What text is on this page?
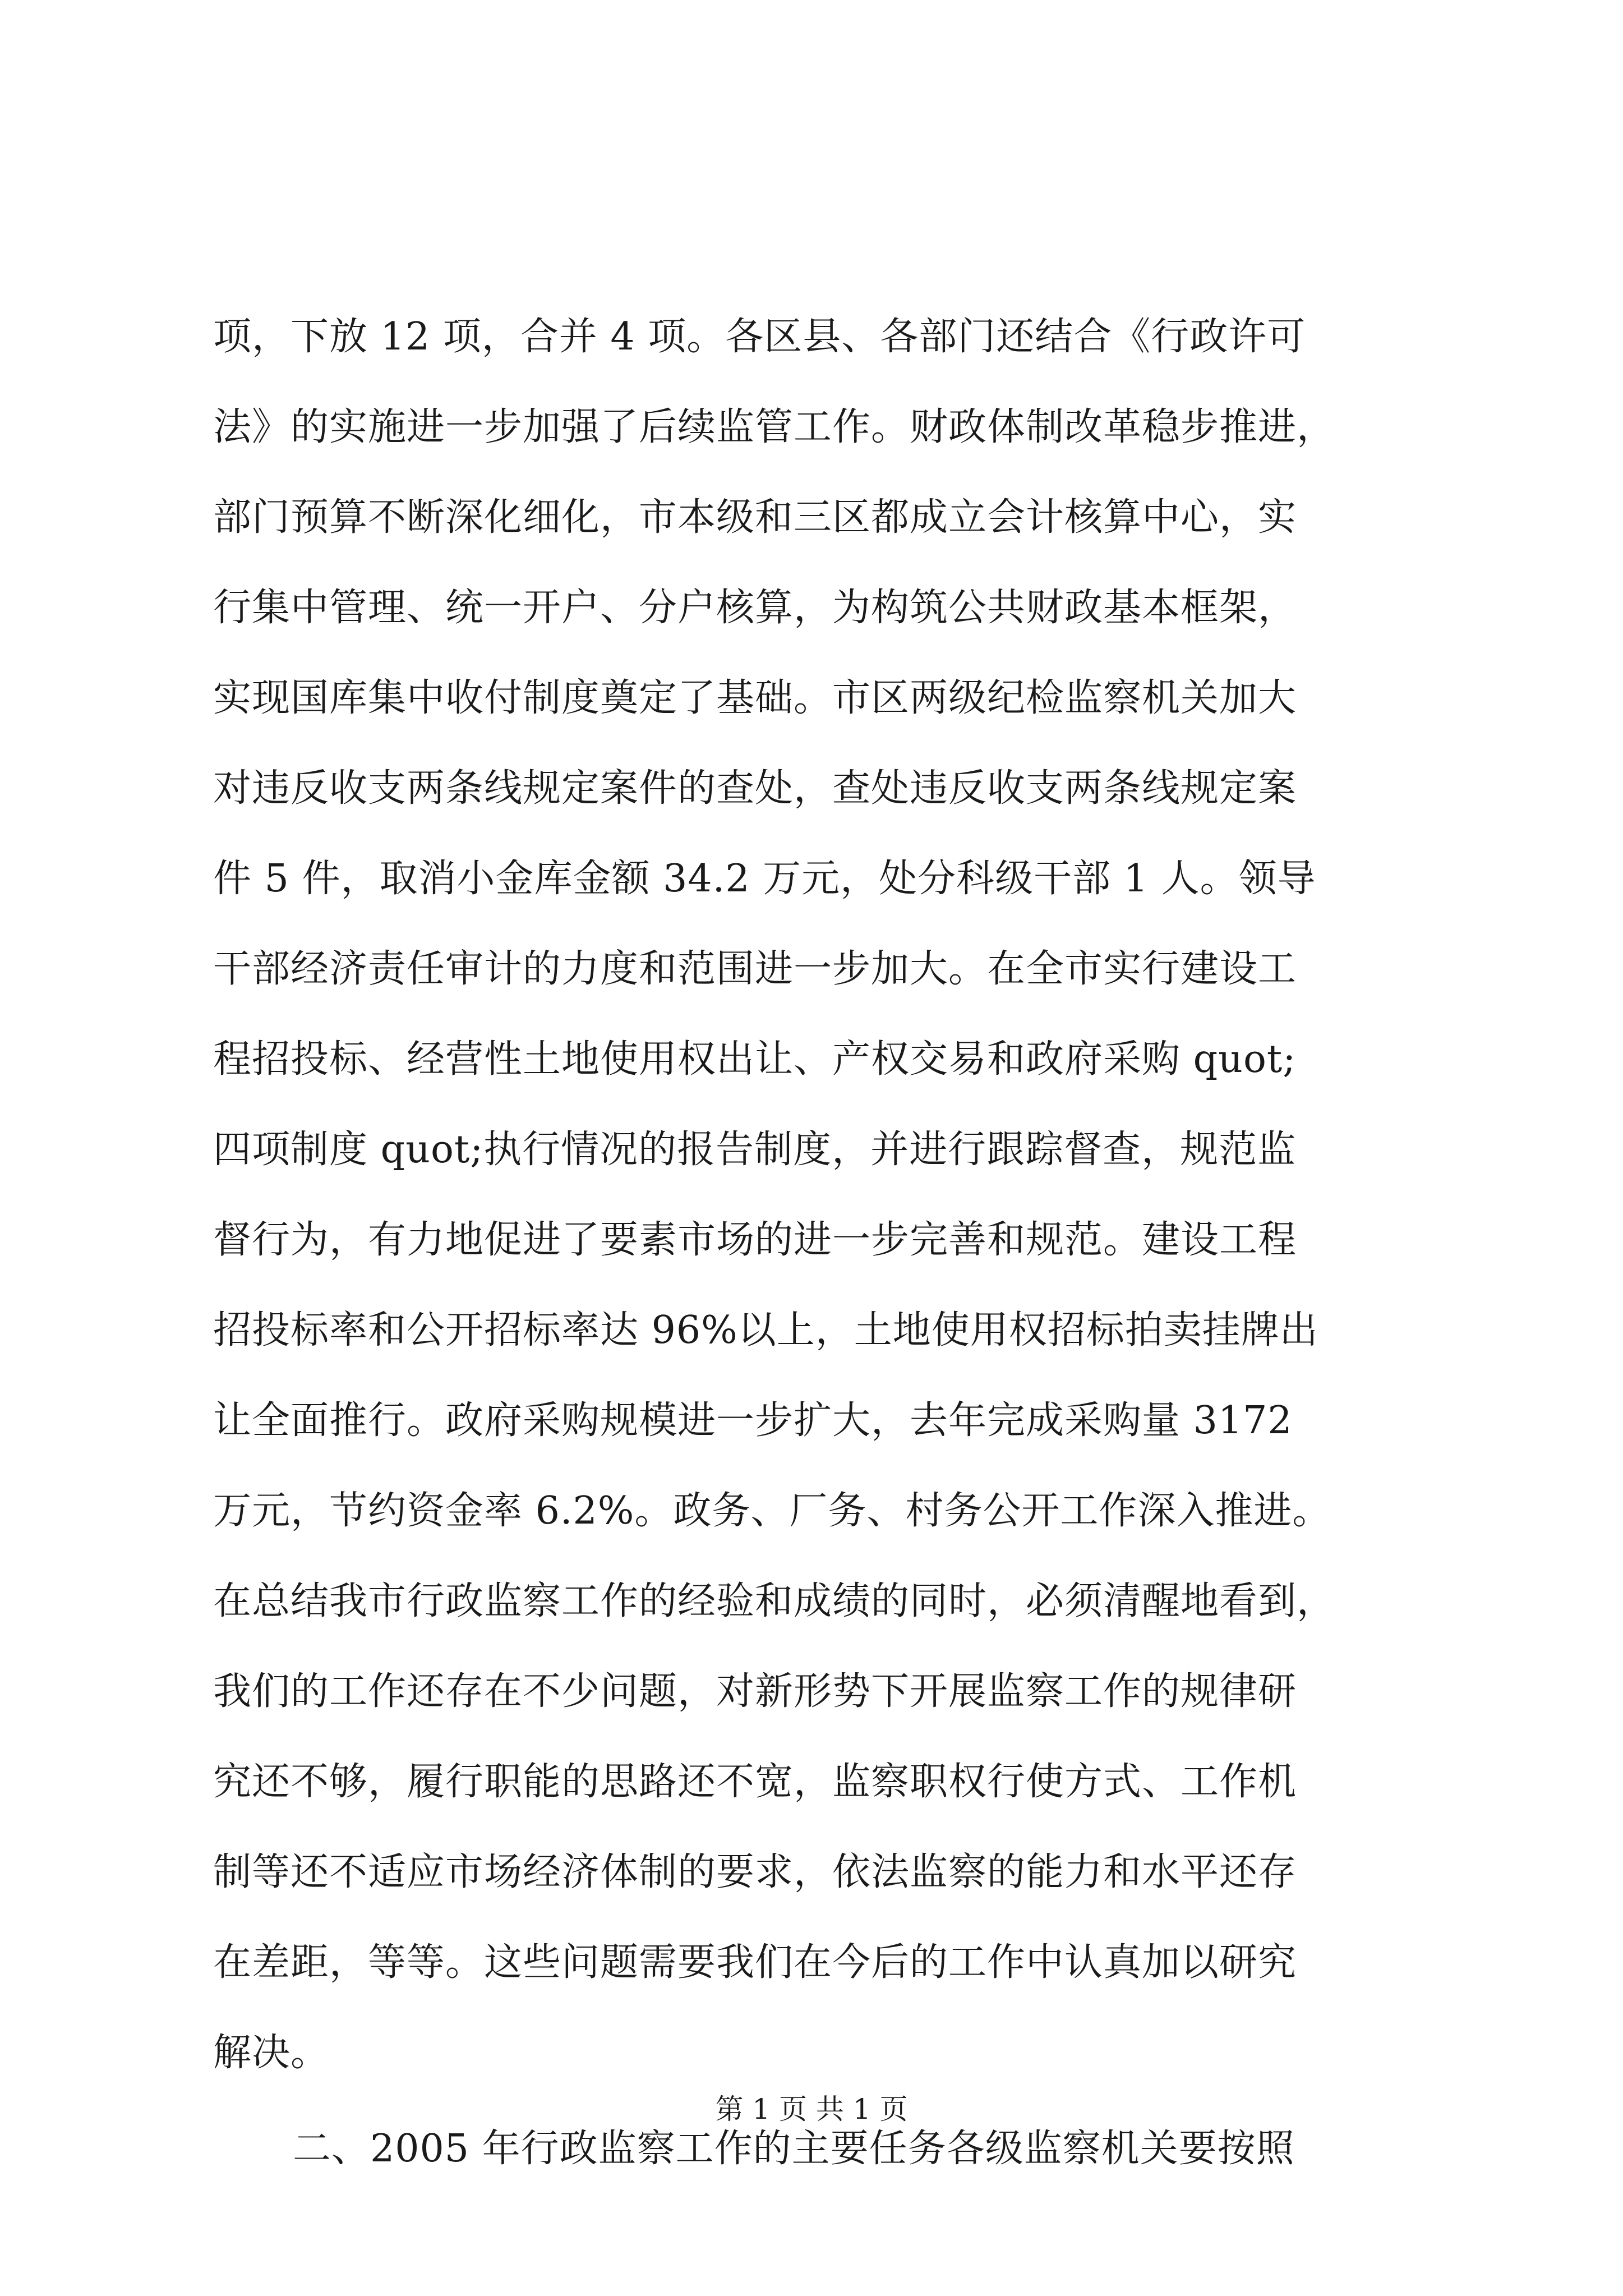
项，下放 12 项，合并 4 项。各区县、各部门还结合《行政许可
法》的实施进一步加强了后续监管工作。财政体制改革稳步推进，
部门预算不断深化细化，市本级和三区都成立会计核算中心，实
行集中管理、统一开户、分户核算，为构筑公共财政基本框架，
实现国库集中收付制度奠定了基础。市区两级纪检监察机关加大
对违反收支两条线规定案件的查处，查处违反收支两条线规定案
件 5 件，取消小金库金额 34.2 万元，处分科级干部 1 人。领导
干部经济责任审计的力度和范围进一步加大。在全市实行建设工
程招投标、经营性土地使用权出让、产权交易和政府采购 quot;
四项制度 quot;执行情况的报告制度，并进行跟踪督查，规范监
督行为，有力地促进了要素市场的进一步完善和规范。建设工程
招投标率和公开招标率达 96%以上，土地使用权招标拍卖挂牌出
让全面推行。政府采购规模进一步扩大，去年完成采购量 3172
万元，节约资金率 6.2%。政务、厂务、村务公开工作深入推进。
在总结我市行政监察工作的经验和成绩的同时，必须清醒地看到，
我们的工作还存在不少问题，对新形势下开展监察工作的规律研
究还不够，履行职能的思路还不宽，监察职权行使方式、工作机
制等还不适应市场经济体制的要求，依法监察的能力和水平还存
在差距，等等。这些问题需要我们在今后的工作中认真加以研究
解决。
二、2005 年行政监察工作的主要任务各级监察机关要按照
第 1 页 共 1 页
